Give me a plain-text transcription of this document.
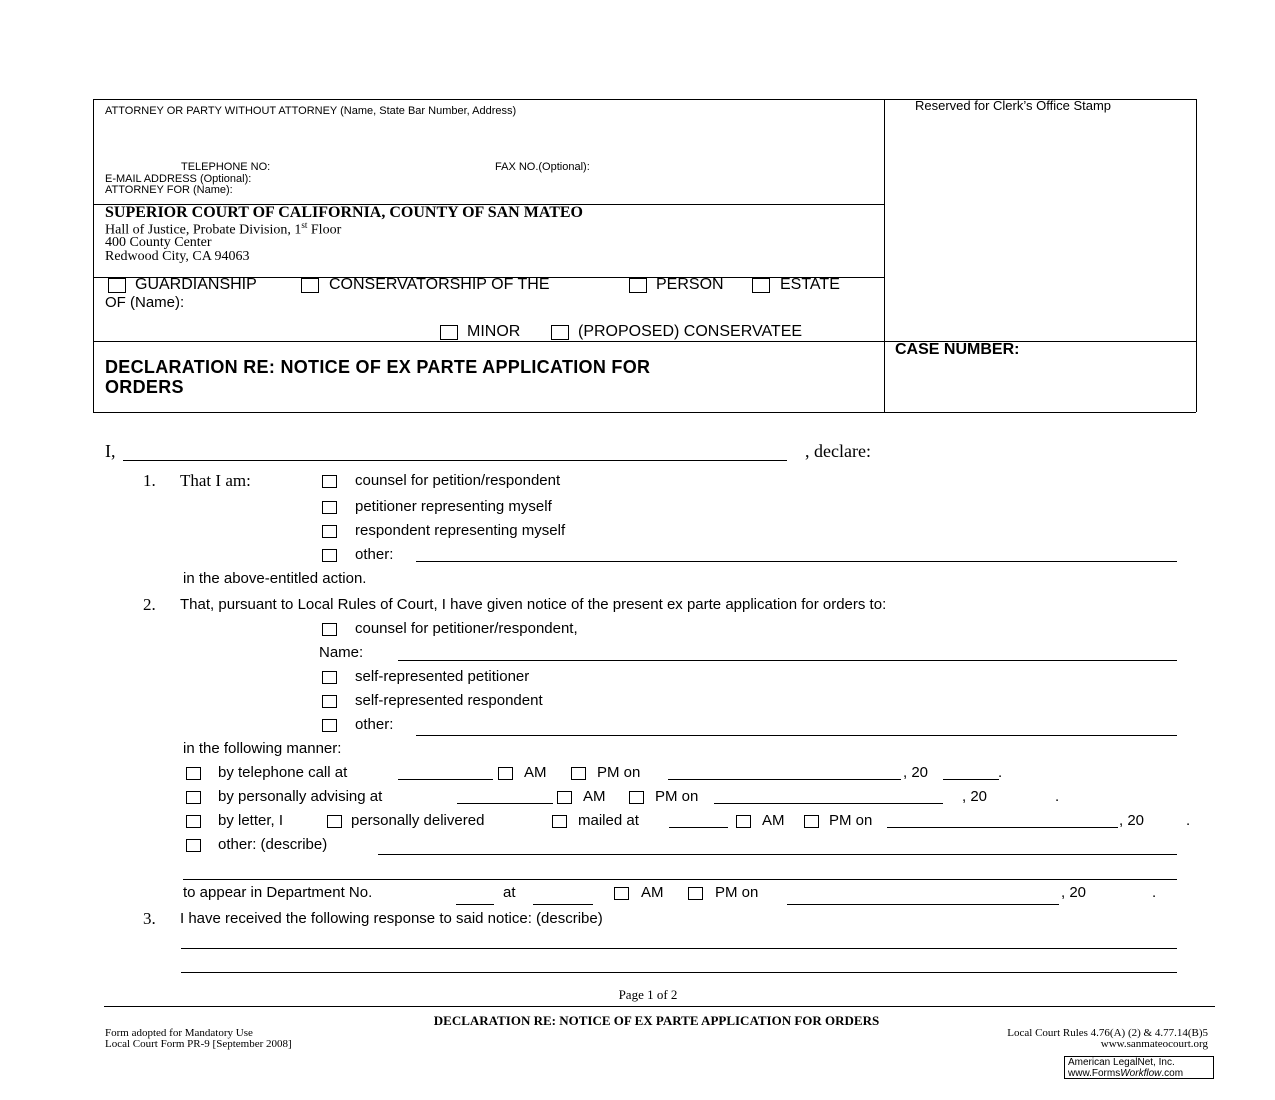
ATTORNEY OR PARTY WITHOUT ATTORNEY (Name, State Bar Number, Address)
TELEPHONE NO:	FAX NO.(Optional):
E-MAIL ADDRESS (Optional):
ATTORNEY FOR (Name):
Reserved for Clerk’s Office Stamp
SUPERIOR COURT OF CALIFORNIA, COUNTY OF SAN MATEO
Hall of Justice, Probate Division, 1st Floor
400 County Center
Redwood City, CA 94063
GUARDIANSHIP	CONSERVATORSHIP OF THE	PERSON	ESTATE
OF (Name):
MINOR	(PROPOSED) CONSERVATEE
DECLARATION RE: NOTICE OF EX PARTE APPLICATION FOR
ORDERS
CASE NUMBER:
I,	, declare:
1. That I am:	counsel for petition/respondent
petitioner representing myself
respondent representing myself
other:
in the above-entitled action.
2. That, pursuant to Local Rules of Court, I have given notice of the present ex parte application for orders to:
counsel for petitioner/respondent,
Name:
self-represented petitioner
self-represented respondent
other:
in the following manner:
by telephone call at	AM	PM on	, 20	.
by personally advising at	AM	PM on	, 20	.
by letter, I	personally delivered	mailed at	AM	PM on	, 20	.
other: (describe)
to appear in Department No.	at	AM	PM on	, 20	.
3. I have received the following response to said notice: (describe)
Page 1 of 2
DECLARATION RE: NOTICE OF EX PARTE APPLICATION FOR ORDERS
Form adopted for Mandatory Use
Local Court Form PR-9 [September 2008]
Local Court Rules 4.76(A) (2) & 4.77.14(B)5
www.sanmateocourt.org
American LegalNet, Inc.
www.FormsWorkflow.com
